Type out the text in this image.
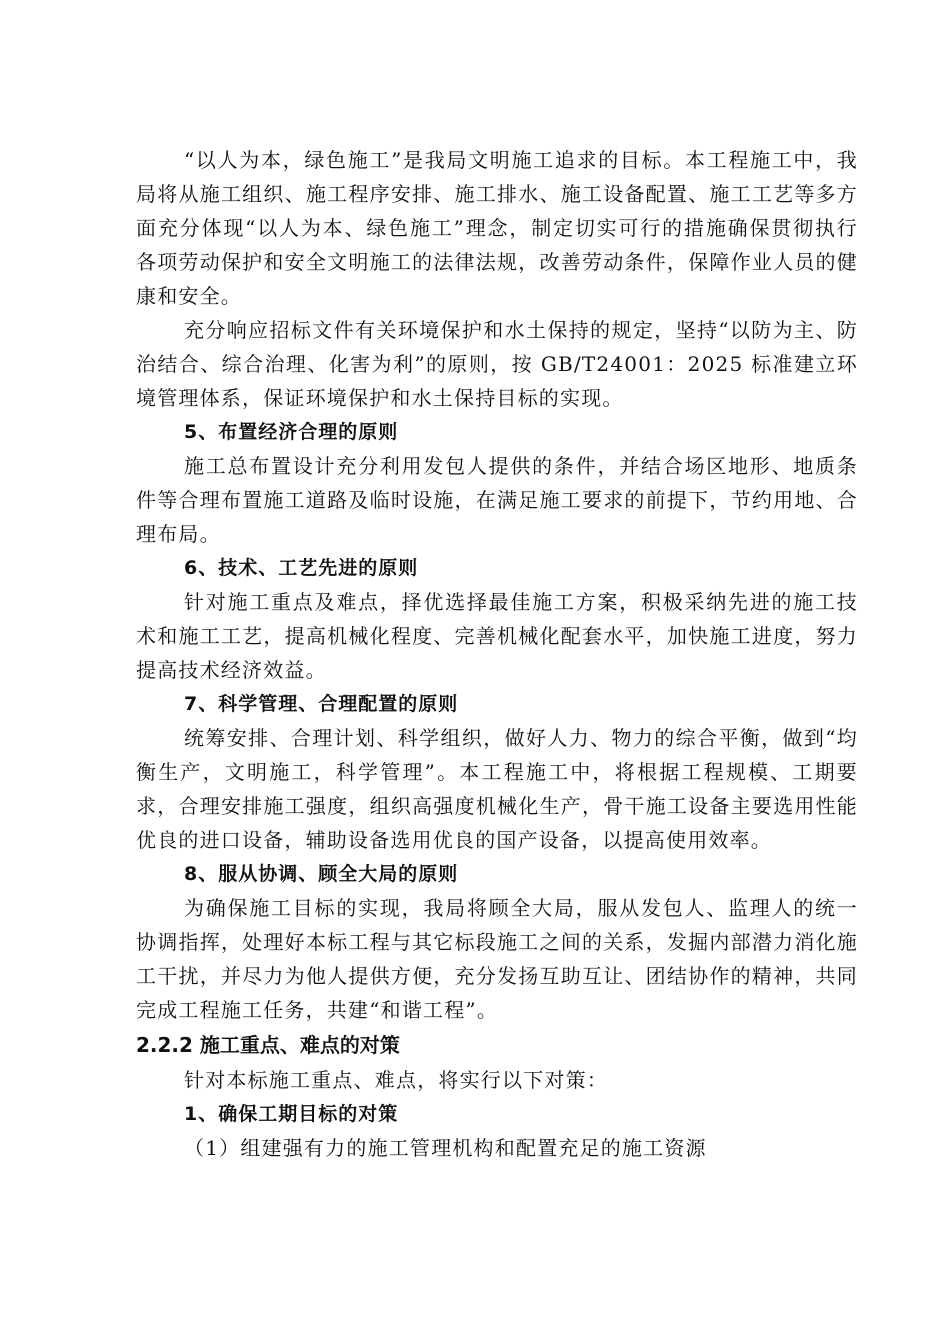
“以人为本，绿色施工”是我局文明施工追求的目标。本工程施工中，我局将从施工组织、施工程序安排、施工排水、施工设备配置、施工工艺等多方面充分体现“以人为本、绿色施工”理念，制定切实可行的措施确保贯彻执行各项劳动保护和安全文明施工的法律法规，改善劳动条件，保障作业人员的健康和安全。

充分响应招标文件有关环境保护和水土保持的规定，坚持“以防为主、防治结合、综合治理、化害为利”的原则，按 GB/T24001：2025 标准建立环境管理体系，保证环境保护和水土保持目标的实现。

5、布置经济合理的原则

施工总布置设计充分利用发包人提供的条件，并结合场区地形、地质条件等合理布置施工道路及临时设施，在满足施工要求的前提下，节约用地、合理布局。

6、技术、工艺先进的原则

针对施工重点及难点，择优选择最佳施工方案，积极采纳先进的施工技术和施工工艺，提高机械化程度、完善机械化配套水平，加快施工进度，努力提高技术经济效益。

7、科学管理、合理配置的原则

统筹安排、合理计划、科学组织，做好人力、物力的综合平衡，做到“均衡生产，文明施工，科学管理”。本工程施工中，将根据工程规模、工期要求，合理安排施工强度，组织高强度机械化生产，骨干施工设备主要选用性能优良的进口设备，辅助设备选用优良的国产设备，以提高使用效率。

8、服从协调、顾全大局的原则

为确保施工目标的实现，我局将顾全大局，服从发包人、监理人的统一协调指挥，处理好本标工程与其它标段施工之间的关系，发掘内部潜力消化施工干扰，并尽力为他人提供方便，充分发扬互助互让、团结协作的精神，共同完成工程施工任务，共建“和谐工程”。

2.2.2 施工重点、难点的对策

针对本标施工重点、难点，将实行以下对策：

1、确保工期目标的对策

（1）组建强有力的施工管理机构和配置充足的施工资源
